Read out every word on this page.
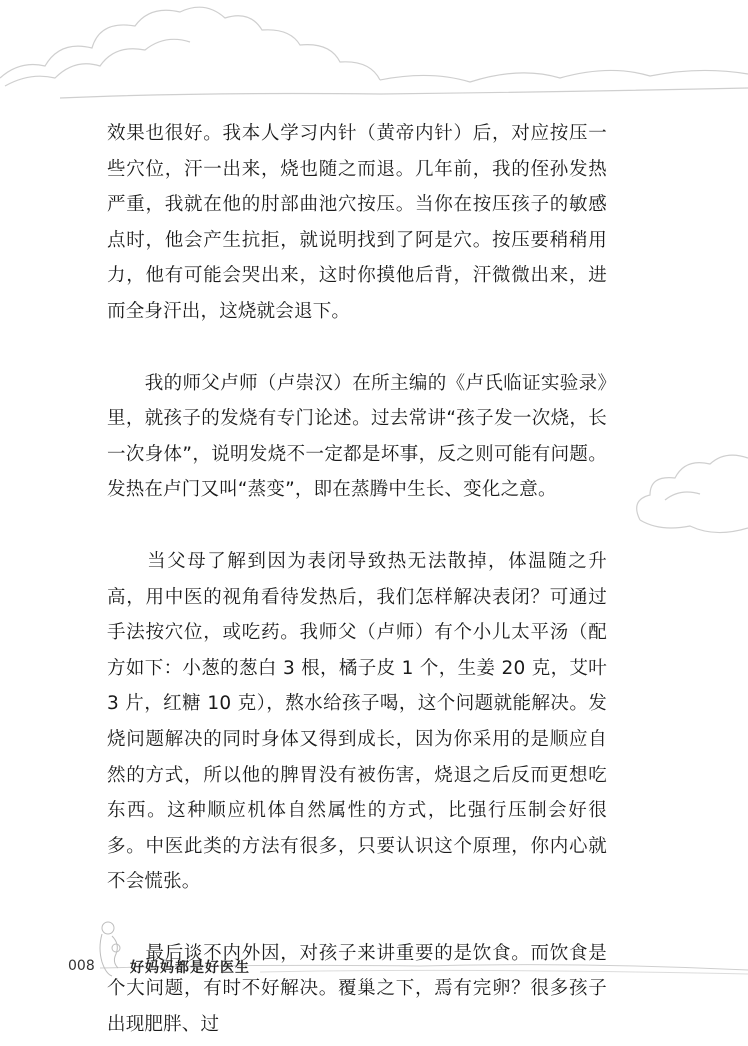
效果也很好。我本人学习内针（黄帝内针）后，对应按压一些穴位，汗一出来，烧也随之而退。几年前，我的侄孙发热严重，我就在他的肘部曲池穴按压。当你在按压孩子的敏感点时，他会产生抗拒，就说明找到了阿是穴。按压要稍稍用力，他有可能会哭出来，这时你摸他后背，汗微微出来，进而全身汗出，这烧就会退下。

　　我的师父卢师（卢崇汉）在所主编的《卢氏临证实验录》里，就孩子的发烧有专门论述。过去常讲“孩子发一次烧，长一次身体”，说明发烧不一定都是坏事，反之则可能有问题。发热在卢门又叫“蒸变”，即在蒸腾中生长、变化之意。

　　当父母了解到因为表闭导致热无法散掉，体温随之升高，用中医的视角看待发热后，我们怎样解决表闭？可通过手法按穴位，或吃药。我师父（卢师）有个小儿太平汤（配方如下：小葱的葱白 3 根，橘子皮 1 个，生姜 20 克，艾叶 3 片，红糖 10 克），熬水给孩子喝，这个问题就能解决。发烧问题解决的同时身体又得到成长，因为你采用的是顺应自然的方式，所以他的脾胃没有被伤害，烧退之后反而更想吃东西。这种顺应机体自然属性的方式，比强行压制会好很多。中医此类的方法有很多，只要认识这个原理，你内心就不会慌张。

　　最后谈不内外因，对孩子来讲重要的是饮食。而饮食是个大问题，有时不好解决。覆巢之下，焉有完卵？很多孩子出现肥胖、过

008	好妈妈都是好医生
